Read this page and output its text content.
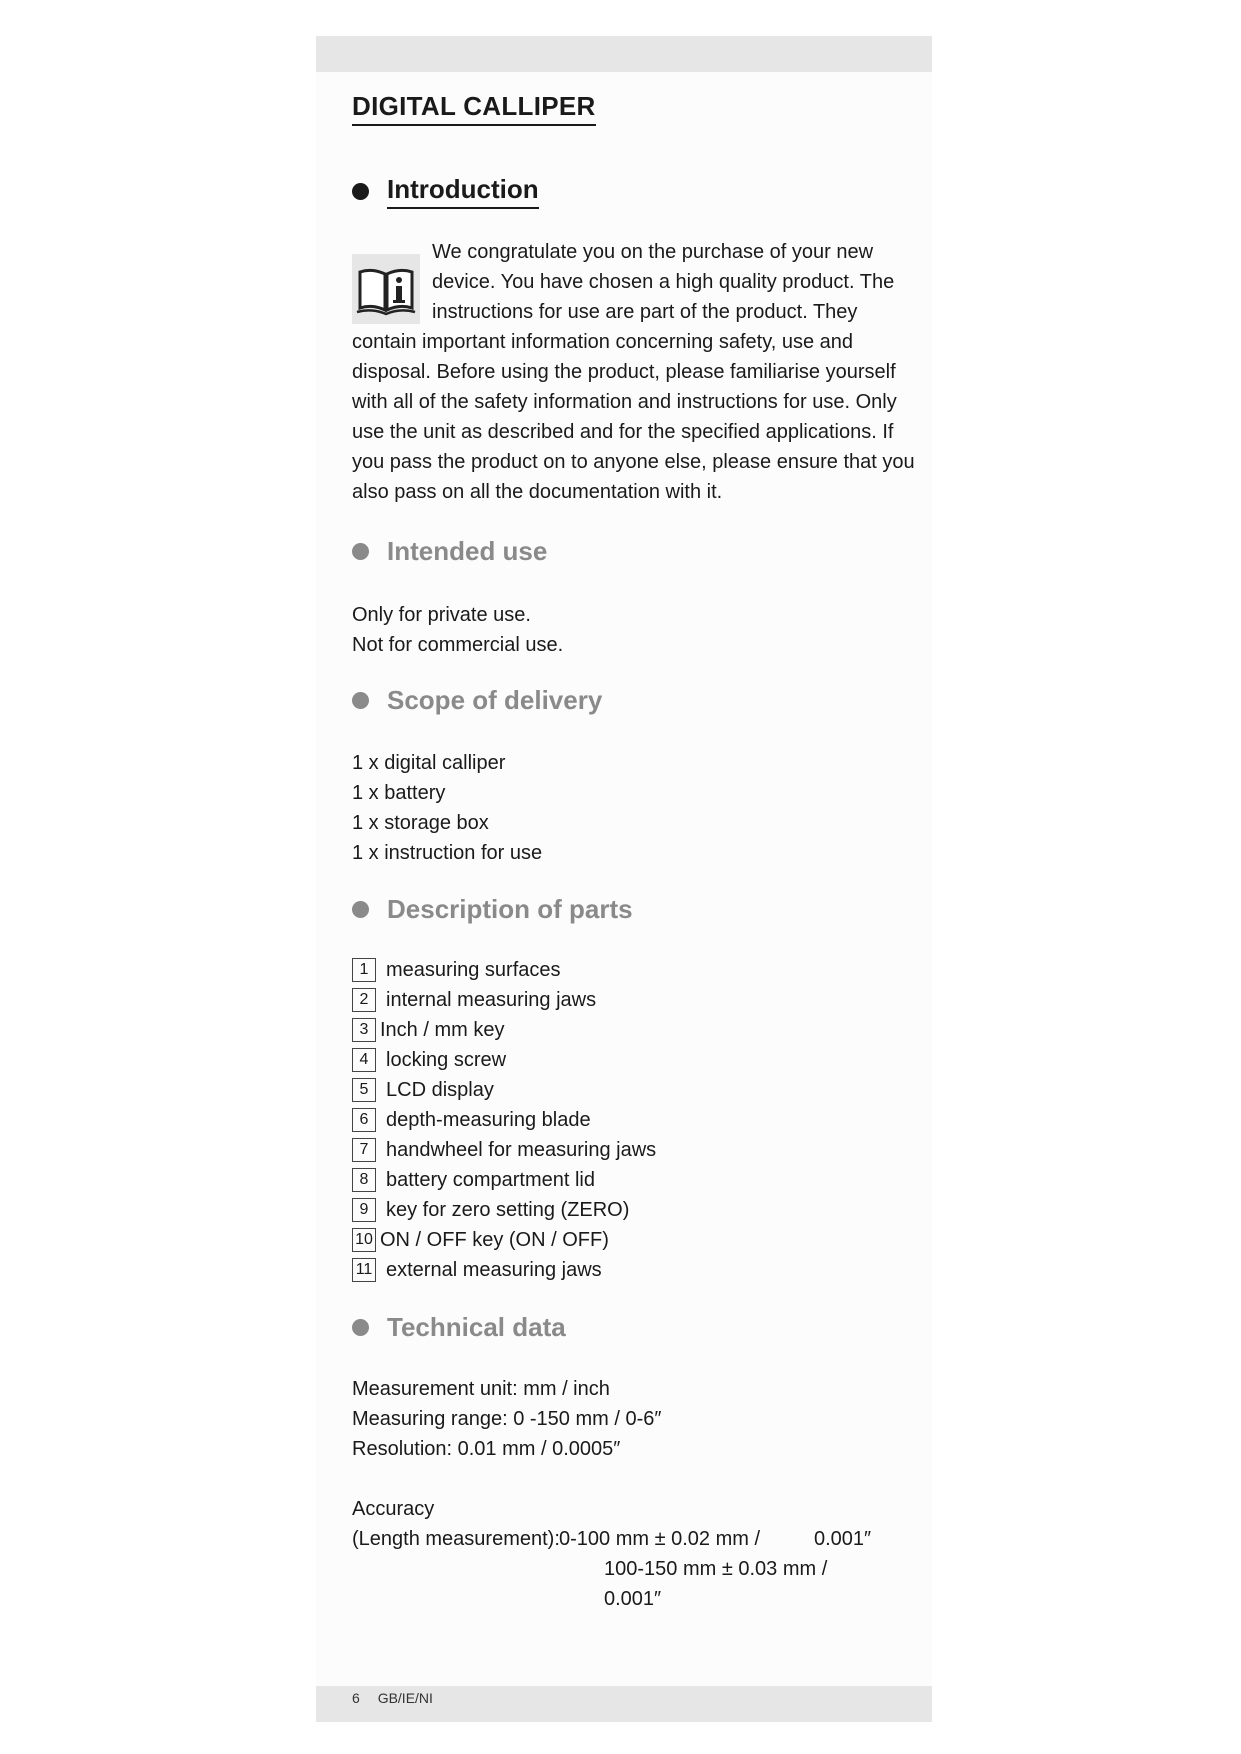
DIGITAL CALLIPER
Introduction
We congratulate you on the purchase of your new
device. You have chosen a high quality product. The
instructions for use are part of the product. They
contain important information concerning safety, use and
disposal. Before using the product, please familiarise yourself
with all of the safety information and instructions for use. Only
use the unit as described and for the specified applications. If
you pass the product on to anyone else, please ensure that you
also pass on all the documentation with it.
Intended use
Only for private use.
Not for commercial use.
Scope of delivery
1 x digital calliper
1 x battery
1 x storage box
1 x instruction for use
Description of parts
1 measuring surfaces
2 internal measuring jaws
3 Inch / mm key
4 locking screw
5 LCD display
6 depth-measuring blade
7 handwheel for measuring jaws
8 battery compartment lid
9 key for zero setting (ZERO)
10 ON / OFF key (ON / OFF)
11 external measuring jaws
Technical data
Measurement unit: mm / inch
Measuring range: 0 -150 mm / 0-6″
Resolution: 0.01 mm / 0.0005″
Accuracy
(Length measurement): 0-100 mm ± 0.02 mm /	0.001″
100-150 mm ± 0.03 mm /
0.001″
6 GB/IE/NI
